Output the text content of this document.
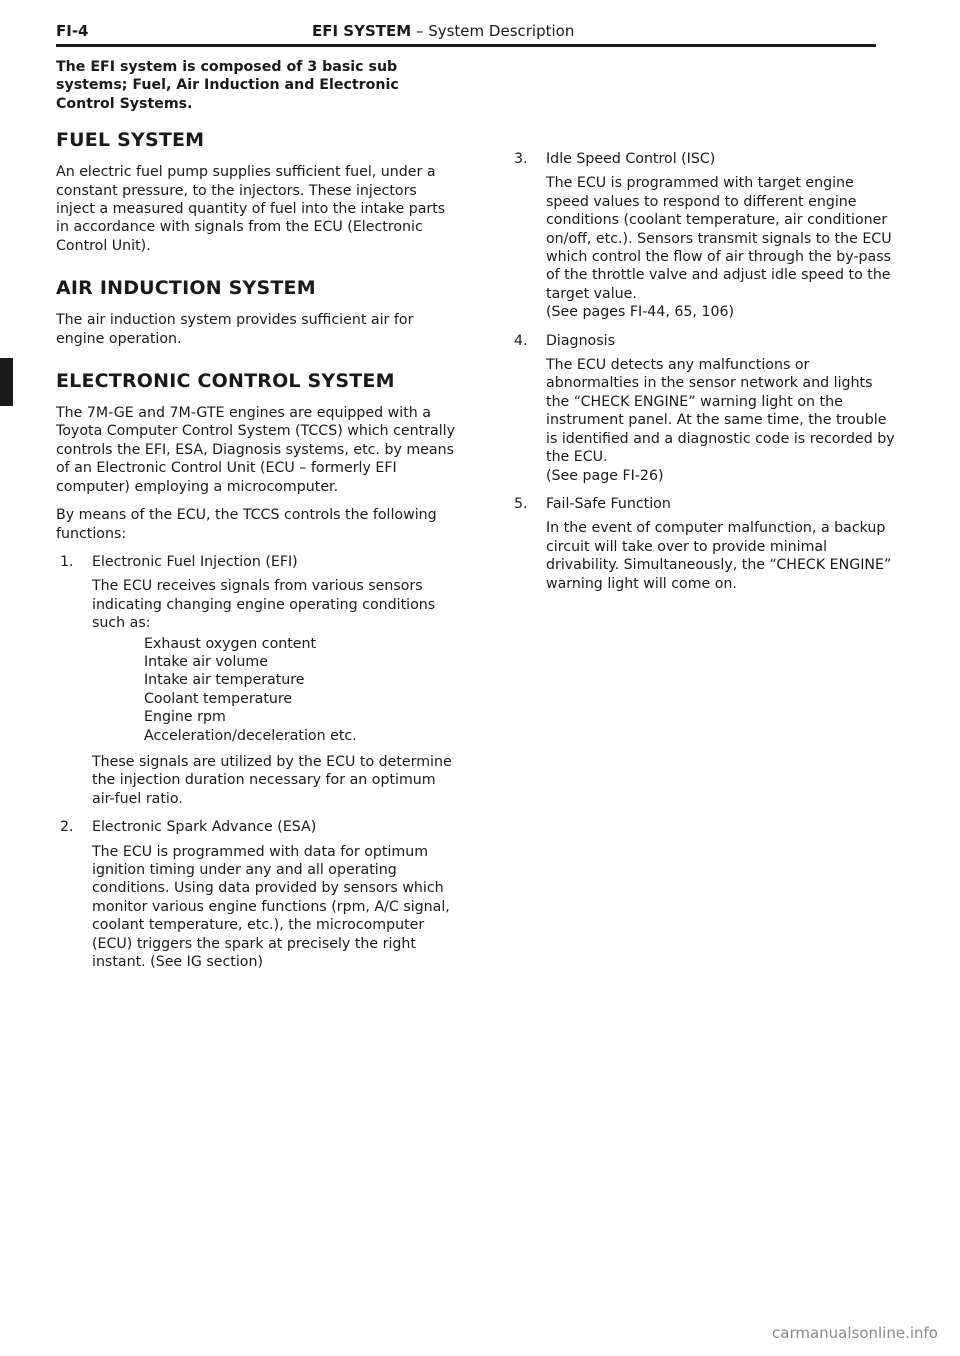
FI-4	EFI SYSTEM – System Description

The EFI system is composed of 3 basic sub systems; Fuel, Air Induction and Electronic Control Systems.

FUEL SYSTEM

An electric fuel pump supplies sufficient fuel, under a constant pressure, to the injectors. These injectors inject a measured quantity of fuel into the intake parts in accordance with signals from the ECU (Electronic Control Unit).

AIR INDUCTION SYSTEM

The air induction system provides sufficient air for engine operation.

ELECTRONIC CONTROL SYSTEM

The 7M-GE and 7M-GTE engines are equipped with a Toyota Computer Control System (TCCS) which centrally controls the EFI, ESA, Diagnosis systems, etc. by means of an Electronic Control Unit (ECU – formerly EFI computer) employing a microcomputer.

By means of the ECU, the TCCS controls the following functions:

1. Electronic Fuel Injection (EFI)

The ECU receives signals from various sensors indicating changing engine operating conditions such as:

Exhaust oxygen content
Intake air volume
Intake air temperature
Coolant temperature
Engine rpm
Acceleration/deceleration etc.

These signals are utilized by the ECU to determine the injection duration necessary for an optimum air-fuel ratio.

2. Electronic Spark Advance (ESA)

The ECU is programmed with data for optimum ignition timing under any and all operating conditions. Using data provided by sensors which monitor various engine functions (rpm, A/C signal, coolant temperature, etc.), the microcomputer (ECU) triggers the spark at precisely the right instant. (See IG section)

3. Idle Speed Control (ISC)

The ECU is programmed with target engine speed values to respond to different engine conditions (coolant temperature, air conditioner on/off, etc.). Sensors transmit signals to the ECU which control the flow of air through the by-pass of the throttle valve and adjust idle speed to the target value.

(See pages FI-44, 65, 106)

4. Diagnosis

The ECU detects any malfunctions or abnormalties in the sensor network and lights the “CHECK ENGINE” warning light on the instrument panel. At the same time, the trouble is identified and a diagnostic code is recorded by the ECU.

(See page FI-26)

5. Fail-Safe Function

In the event of computer malfunction, a backup circuit will take over to provide minimal drivability. Simultaneously, the “CHECK ENGINE” warning light will come on.

carmanualsonline.info
